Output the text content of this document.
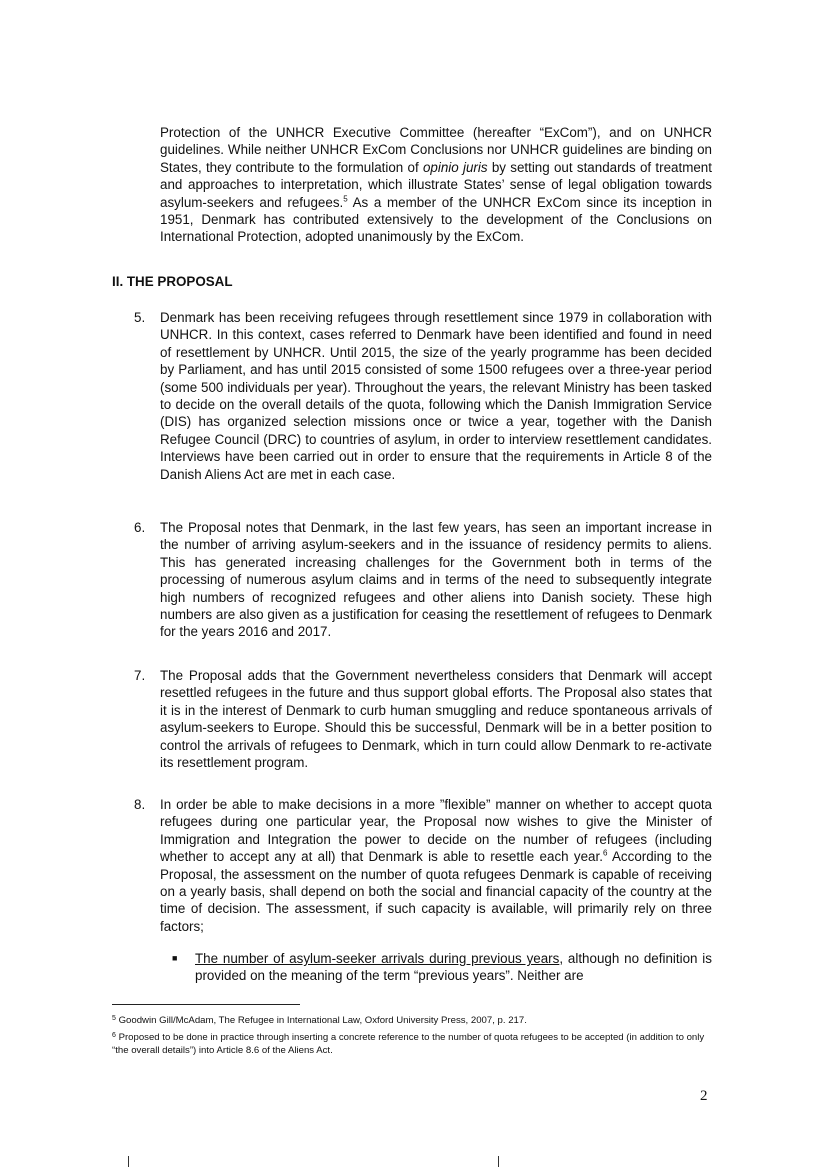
Protection of the UNHCR Executive Committee (hereafter “ExCom”), and on UNHCR guidelines. While neither UNHCR ExCom Conclusions nor UNHCR guidelines are binding on States, they contribute to the formulation of opinio juris by setting out standards of treatment and approaches to interpretation, which illustrate States’ sense of legal obligation towards asylum-seekers and refugees.$^5$ As a member of the UNHCR ExCom since its inception in 1951, Denmark has contributed extensively to the development of the Conclusions on International Protection, adopted unanimously by the ExCom.

II. THE PROPOSAL
5. Denmark has been receiving refugees through resettlement since 1979 in collaboration with UNHCR. In this context, cases referred to Denmark have been identified and found in need of resettlement by UNHCR. Until 2015, the size of the yearly programme has been decided by Parliament, and has until 2015 consisted of some 1500 refugees over a three-year period (some 500 individuals per year). Throughout the years, the relevant Ministry has been tasked to decide on the overall details of the quota, following which the Danish Immigration Service (DIS) has organized selection missions once or twice a year, together with the Danish Refugee Council (DRC) to countries of asylum, in order to interview resettlement candidates. Interviews have been carried out in order to ensure that the requirements in Article 8 of the Danish Aliens Act are met in each case.

6. The Proposal notes that Denmark, in the last few years, has seen an important increase in the number of arriving asylum-seekers and in the issuance of residency permits to aliens. This has generated increasing challenges for the Government both in terms of the processing of numerous asylum claims and in terms of the need to subsequently integrate high numbers of recognized refugees and other aliens into Danish society. These high numbers are also given as a justification for ceasing the resettlement of refugees to Denmark for the years 2016 and 2017.

7. The Proposal adds that the Government nevertheless considers that Denmark will accept resettled refugees in the future and thus support global efforts. The Proposal also states that it is in the interest of Denmark to curb human smuggling and reduce spontaneous arrivals of asylum-seekers to Europe. Should this be successful, Denmark will be in a better position to control the arrivals of refugees to Denmark, which in turn could allow Denmark to re-activate its resettlement program.

8. In order be able to make decisions in a more ”flexible” manner on whether to accept quota refugees during one particular year, the Proposal now wishes to give the Minister of Immigration and Integration the power to decide on the number of refugees (including whether to accept any at all) that Denmark is able to resettle each year.$^6$ According to the Proposal, the assessment on the number of quota refugees Denmark is capable of receiving on a yearly basis, shall depend on both the social and financial capacity of the country at the time of decision. The assessment, if such capacity is available, will primarily rely on three factors;

■ The number of asylum-seeker arrivals during previous years, although no definition is provided on the meaning of the term “previous years”. Neither are

$^5$ Goodwin Gill/McAdam, The Refugee in International Law, Oxford University Press, 2007, p. 217.

$^6$ Proposed to be done in practice through inserting a concrete reference to the number of quota refugees to be accepted (in addition to only “the overall details”) into Article 8.6 of the Aliens Act.

2
